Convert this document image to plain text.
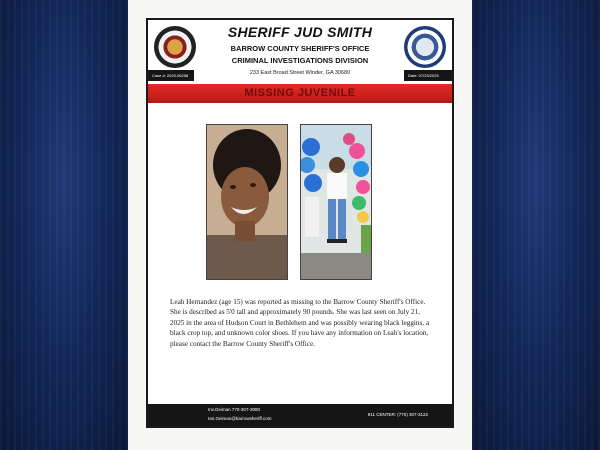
SHERIFF JUD SMITH
BARROW COUNTY SHERIFF'S OFFICE
CRIMINAL INVESTIGATIONS DIVISION
233 East Broad Street Winder, GA 30680
Case #: 2025-06258	Date: 07/23/2025
MISSING JUVENILE
Leah Hernandez (age 15) was reported as missing to the Barrow County Sheriff's Office. She is described as 5'0 tall and approximately 90 pounds. She was last seen on July 21, 2025 in the area of Hudson Court in Bethlehem and was possibly wearing black leggins, a black crop top, and unknown color shoes. If you have any information on Leah's location, please contact the Barrow County Sheriff's Office.
Inv.Geiman 770-307-3080
Ian.Geiman@barrowsheriff.com
911 CENTER: (770) 307-3122
